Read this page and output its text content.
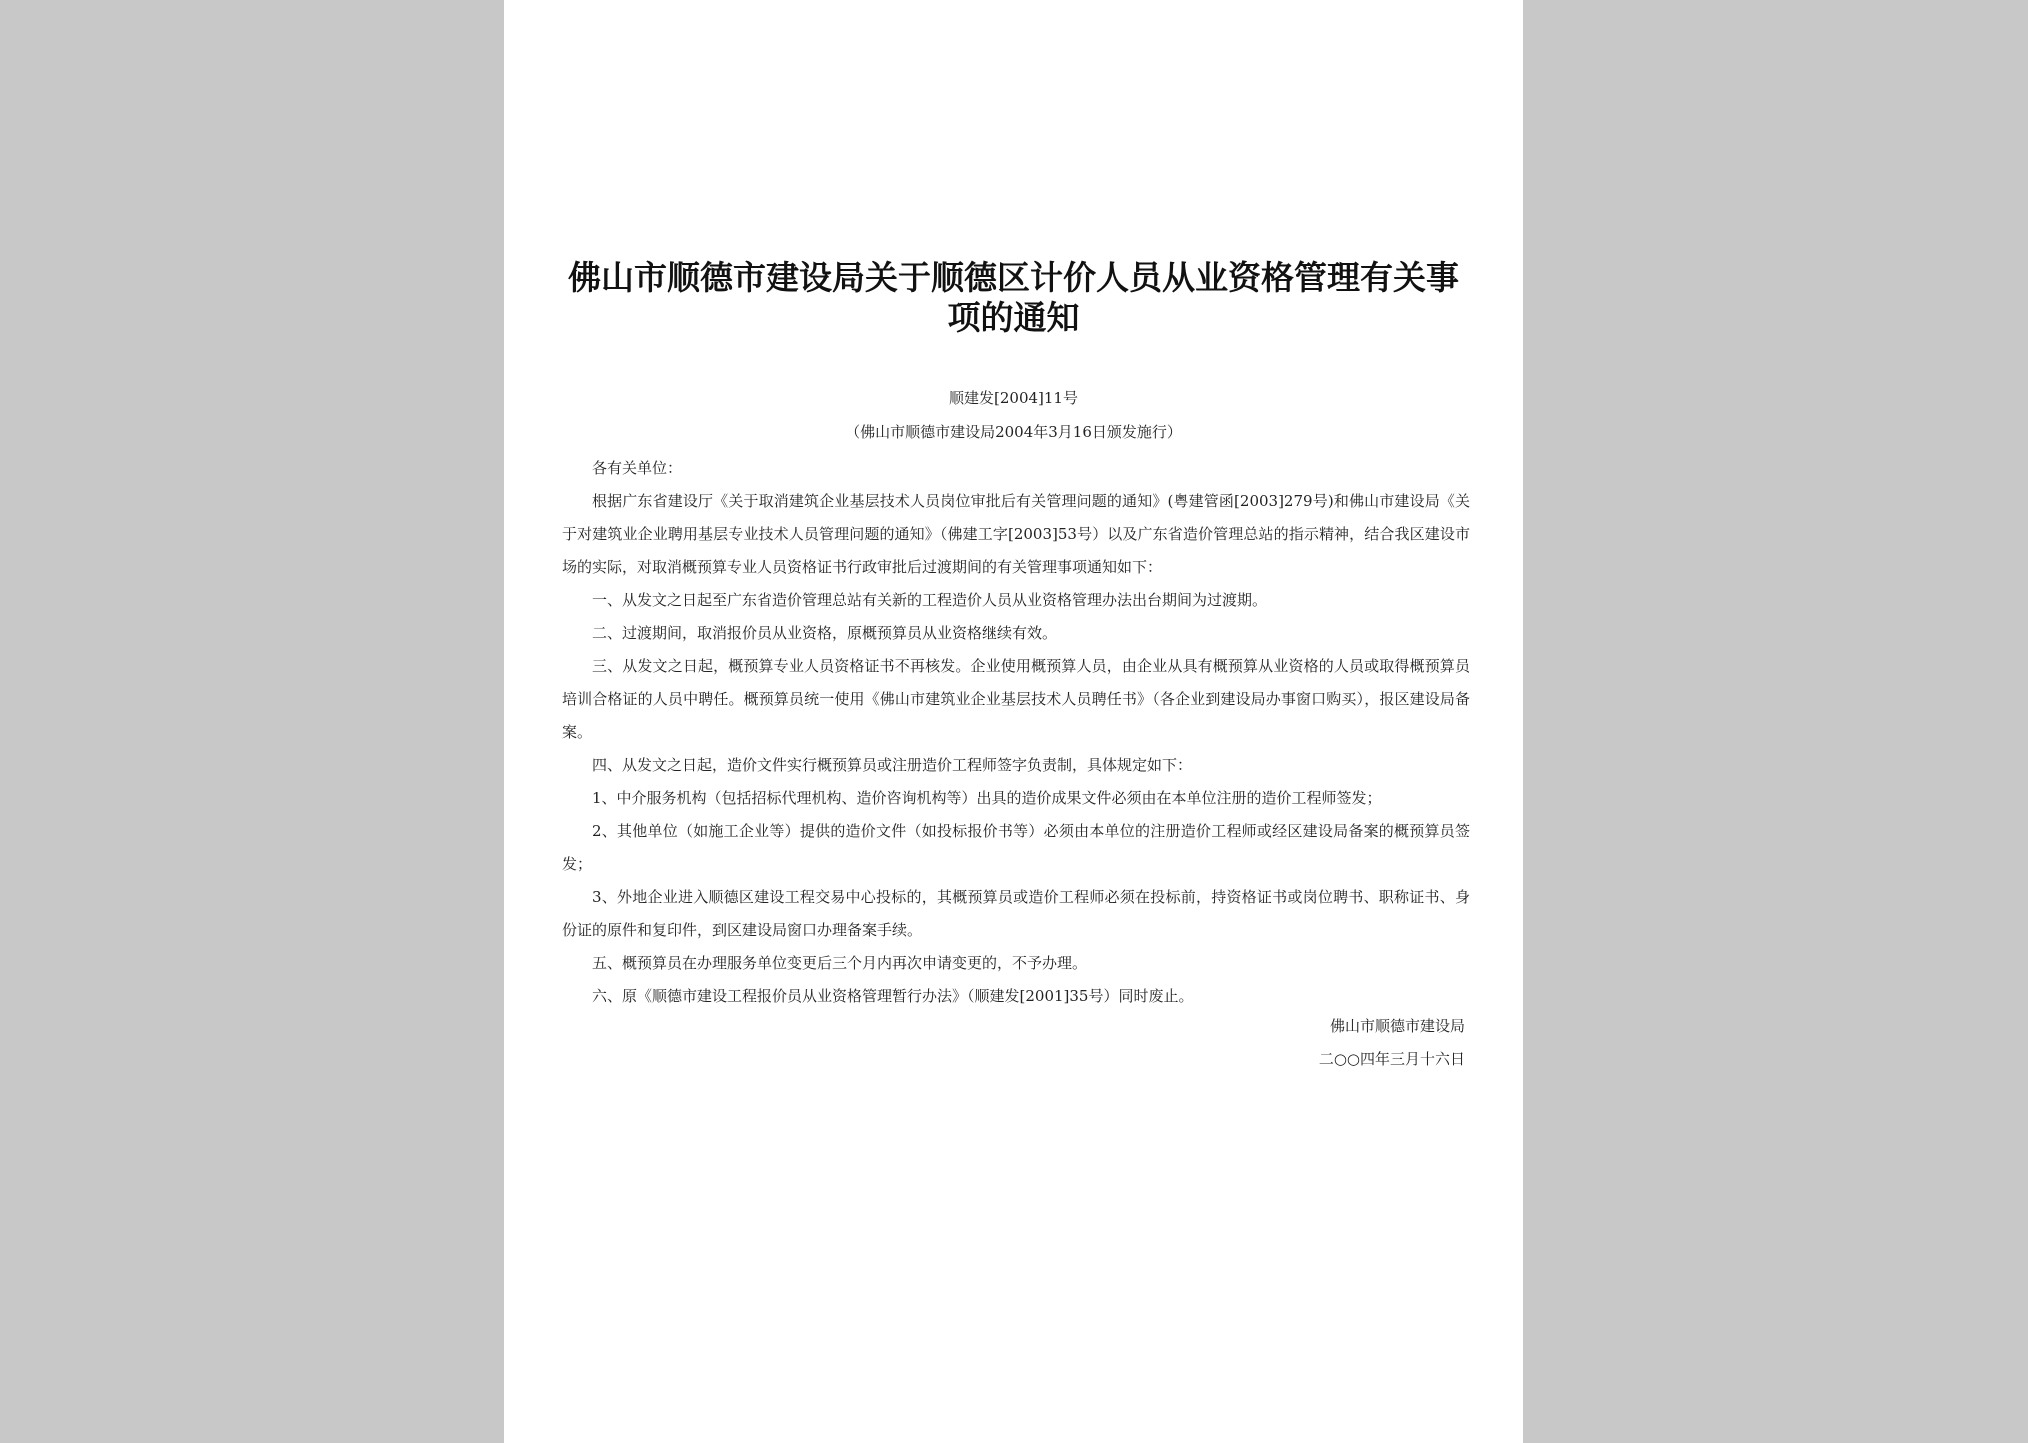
佛山市顺德市建设局关于顺德区计价人员从业资格管理有关事项的通知
顺建发[2004]11号
（佛山市顺德市建设局2004年3月16日颁发施行）

各有关单位：

根据广东省建设厅《关于取消建筑企业基层技术人员岗位审批后有关管理问题的通知》(粤建管函[2003]279号)和佛山市建设局《关于对建筑业企业聘用基层专业技术人员管理问题的通知》（佛建工字[2003]53号）以及广东省造价管理总站的指示精神，结合我区建设市场的实际，对取消概预算专业人员资格证书行政审批后过渡期间的有关管理事项通知如下：

一、从发文之日起至广东省造价管理总站有关新的工程造价人员从业资格管理办法出台期间为过渡期。

二、过渡期间，取消报价员从业资格，原概预算员从业资格继续有效。

三、从发文之日起，概预算专业人员资格证书不再核发。企业使用概预算人员，由企业从具有概预算从业资格的人员或取得概预算员培训合格证的人员中聘任。概预算员统一使用《佛山市建筑业企业基层技术人员聘任书》（各企业到建设局办事窗口购买），报区建设局备案。

四、从发文之日起，造价文件实行概预算员或注册造价工程师签字负责制，具体规定如下：

1、中介服务机构（包括招标代理机构、造价咨询机构等）出具的造价成果文件必须由在本单位注册的造价工程师签发；

2、其他单位（如施工企业等）提供的造价文件（如投标报价书等）必须由本单位的注册造价工程师或经区建设局备案的概预算员签发；

3、外地企业进入顺德区建设工程交易中心投标的，其概预算员或造价工程师必须在投标前，持资格证书或岗位聘书、职称证书、身份证的原件和复印件，到区建设局窗口办理备案手续。

五、概预算员在办理服务单位变更后三个月内再次申请变更的，不予办理。

六、原《顺德市建设工程报价员从业资格管理暂行办法》（顺建发[2001]35号）同时废止。

佛山市顺德市建设局
二○○四年三月十六日
